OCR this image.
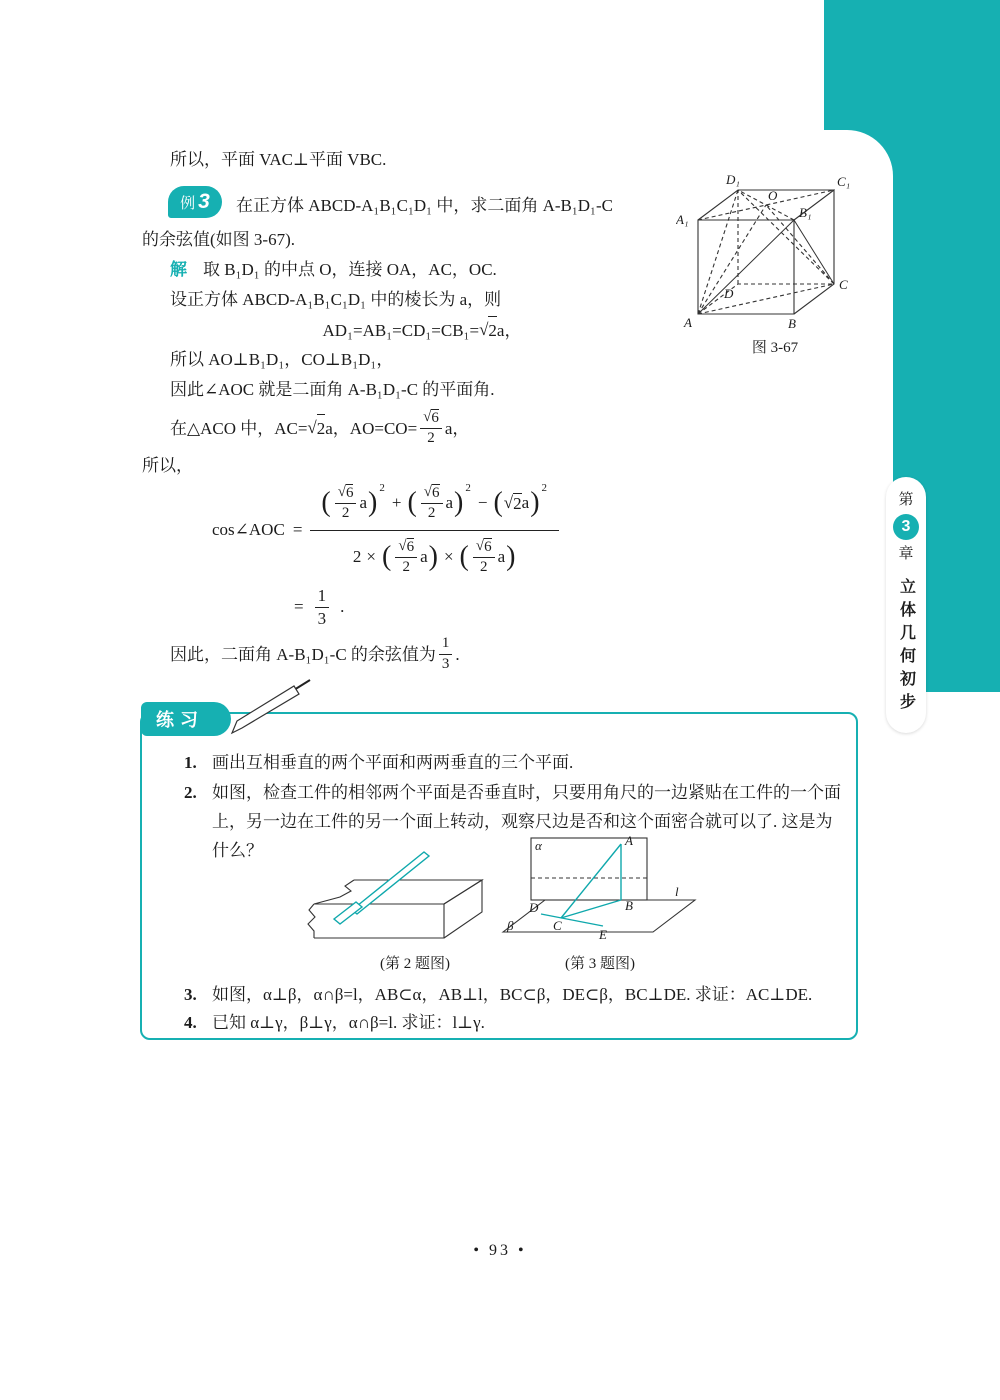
第
3
章
立体几何初步
所以，平面 VAC⊥平面 VBC.
例 3 在正方体 ABCD-A₁B₁C₁D₁ 中，求二面角 A-B₁D₁-C
的余弦值(如图 3-67).
解 取 B₁D₁ 的中点 O，连接 OA，AC，OC.
设正方体 ABCD-A₁B₁C₁D₁ 中的棱长为 a，则
AD₁=AB₁=CD₁=CB₁= √ 2 a，
所以 AO⊥B₁D₁，CO⊥B₁D₁，
因此∠AOC 就是二面角 A-B₁D₁-C 的平面角.
在△ACO 中，AC= √ 2 a，$AO=CO= \frac{√ 6}{2}$ a，
所以，
cos∠AOC = ( $\frac{√ 6}{2}$ a )$^2$
+ ( $\frac{√ 6}{2}$ a )$^2$
− ( √ 2 a )$^2$
2 × ( $\frac{√ 6}{2}$ a ) × ( $\frac{√ 6}{2}$ a )
= $\frac{1}{3}$ .
因此，二面角 A-B₁D₁-C 的余弦值为 $\frac{1}{3}$ .
A₁
D₁	C₁
B₁
O
A	B
C
D
图 3-67
练习
1. 画出互相垂直的两个平面和两两垂直的三个平面.
2. 如图，检查工件的相邻两个平面是否垂直时，只要用角尺的一边紧贴在工件的一个面上，另一边在工件的另一个面上转动，观察尺边是否和这个面密合就可以了. 这是为什么？	α	A
l
B
β
D
C
E
(第 2 题图)	(第 3 题图)
3. 如图，α⊥β，α∩β=l，AB⊂α，AB⊥l，BC⊂β，DE⊂β，BC⊥DE. 求证：AC⊥DE.
4. 已知 α⊥γ，β⊥γ，α∩β=l. 求证：l⊥γ.
• 93 •
